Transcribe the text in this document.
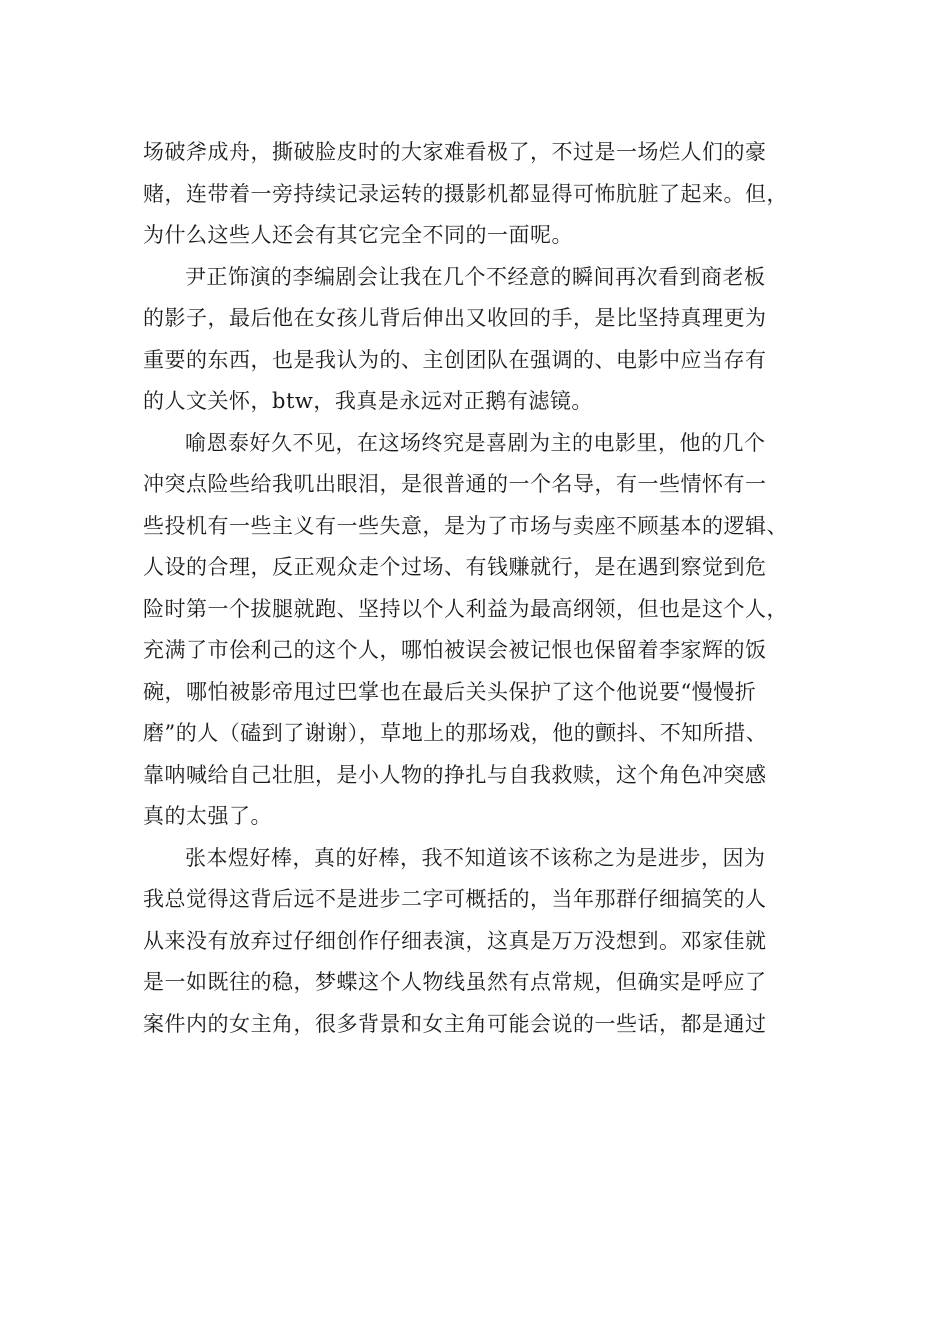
场破斧成舟，撕破脸皮时的大家难看极了，不过是一场烂人们的豪
赌，连带着一旁持续记录运转的摄影机都显得可怖肮脏了起来。但，
为什么这些人还会有其它完全不同的一面呢。

尹正饰演的李编剧会让我在几个不经意的瞬间再次看到商老板
的影子，最后他在女孩儿背后伸出又收回的手，是比坚持真理更为
重要的东西，也是我认为的、主创团队在强调的、电影中应当存有
的人文关怀，btw，我真是永远对正鹅有滤镜。

喻恩泰好久不见，在这场终究是喜剧为主的电影里，他的几个
冲突点险些给我叽出眼泪，是很普通的一个名导，有一些情怀有一
些投机有一些主义有一些失意，是为了市场与卖座不顾基本的逻辑、
人设的合理，反正观众走个过场、有钱赚就行，是在遇到察觉到危
险时第一个拔腿就跑、坚持以个人利益为最高纲领，但也是这个人，
充满了市侩利己的这个人，哪怕被误会被记恨也保留着李家辉的饭
碗，哪怕被影帝甩过巴掌也在最后关头保护了这个他说要“慢慢折
磨”的人（磕到了谢谢），草地上的那场戏，他的颤抖、不知所措、
靠呐喊给自己壮胆，是小人物的挣扎与自我救赎，这个角色冲突感
真的太强了。

张本煜好棒，真的好棒，我不知道该不该称之为是进步，因为
我总觉得这背后远不是进步二字可概括的，当年那群仔细搞笑的人
从来没有放弃过仔细创作仔细表演，这真是万万没想到。邓家佳就
是一如既往的稳，梦蝶这个人物线虽然有点常规，但确实是呼应了
案件内的女主角，很多背景和女主角可能会说的一些话，都是通过
